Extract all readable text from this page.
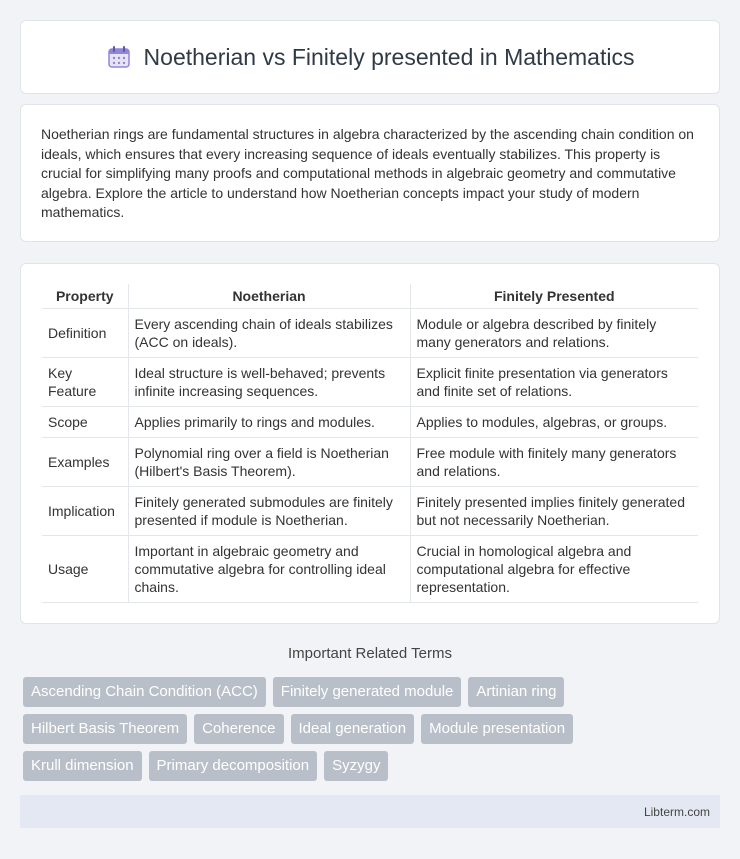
Noetherian vs Finitely presented in Mathematics

Noetherian rings are fundamental structures in algebra characterized by the ascending chain condition on ideals, which ensures that every increasing sequence of ideals eventually stabilizes. This property is crucial for simplifying many proofs and computational methods in algebraic geometry and commutative algebra. Explore the article to understand how Noetherian concepts impact your study of modern mathematics.

Property	Noetherian	Finitely Presented
Definition	Every ascending chain of ideals stabilizes (ACC on ideals).	Module or algebra described by finitely many generators and relations.
Key Feature	Ideal structure is well-behaved; prevents infinite increasing sequences.	Explicit finite presentation via generators and finite set of relations.
Scope	Applies primarily to rings and modules.	Applies to modules, algebras, or groups.
Examples	Polynomial ring over a field is Noetherian (Hilbert's Basis Theorem).	Free module with finitely many generators and relations.
Implication	Finitely generated submodules are finitely presented if module is Noetherian.	Finitely presented implies finitely generated but not necessarily Noetherian.
Usage	Important in algebraic geometry and commutative algebra for controlling ideal chains.	Crucial in homological algebra and computational algebra for effective representation.
Important Related Terms
Ascending Chain Condition (ACC)	Finitely generated module	Artinian ring
Hilbert Basis Theorem	Coherence	Ideal generation	Module presentation
Krull dimension	Primary decomposition	Syzygy
Libterm.com
